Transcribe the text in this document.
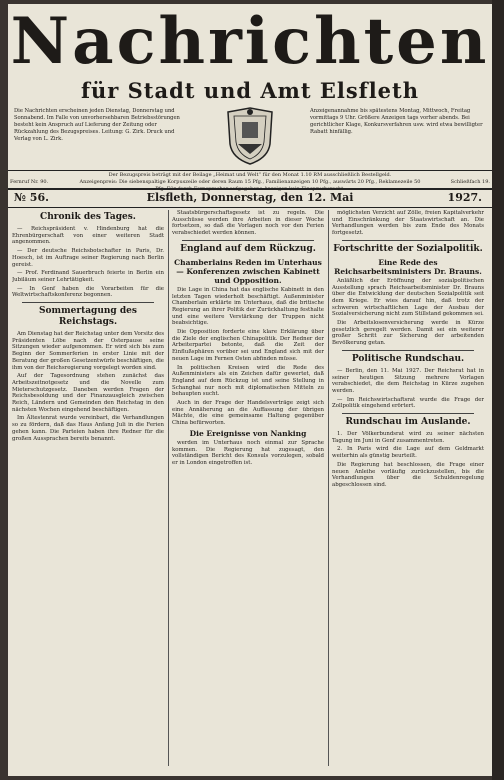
Nachrichten
für Stadt und Amt Elsfleth
Die Nachrichten erscheinen jeden Dienstag, Donnerstag und Sonnabend. Im Falle von unvorhersehbaren Betriebsstörungen besteht kein Anspruch auf Lieferung der Zeitung oder Rückzahlung des Bezugspreises. Leitung: G. Zirk. Druck und Verlag von L. Zirk.
Anzeigenannahme bis spätestens Montag, Mittwoch, Freitag vormittags 9 Uhr. Größere Anzeigen tags vorher abends. Bei gerichtlicher Klage, Konkursverfahren usw. wird etwa bewilligter Rabatt hinfällig.
Der Bezugspreis beträgt mit der Beilage „Heimat und Welt“ für den Monat 1.10 RM ausschließlich Bestellgeld.
Fernruf Nr. 90.	Anzeigenpreis: Die siebenspaltige Korpuszeile oder deren Raum 15 Pfg., Familienanzeigen 10 Pfg., auswärts 20 Pfg., Reklamezeile 50 Pfg. Für durch Fernsprecher aufgegebene Anzeigen kein Einspruchsrecht.
Schließfach 19.
№ 56.	Elsfleth, Donnerstag, den 12. Mai	1927.
Chronik des Tages.

— Reichspräsident v. Hindenburg hat die Ehrenbürgerschaft von einer weiteren Stadt angenommen.

— Der deutsche Reichsbotschafter in Paris, Dr. Hoesch, ist im Auftrage seiner Regierung nach Berlin gereist.

— Prof. Ferdinand Sauerbruch feierte in Berlin ein Jubiläum seiner Lehrtätigkeit.

— In Genf haben die Vorarbeiten für die Weltwirtschaftskonferenz begonnen.

Sommertagung des Reichstags.

Am Dienstag hat der Reichstag unter dem Vorsitz des Präsidenten Löbe nach der Osterpause seine Sitzungen wieder aufgenommen. Er wird sich bis zum Beginn der Sommerferien in erster Linie mit der Beratung der großen Gesetzentwürfe beschäftigen, die ihm von der Reichsregierung vorgelegt worden sind.

Auf der Tagesordnung stehen zunächst das Arbeitszeitnotgesetz und die Novelle zum Mieterschutzgesetz. Daneben werden Fragen der Reichsbesoldung und der Finanzausgleich zwischen Reich, Ländern und Gemeinden den Reichstag in den nächsten Wochen eingehend beschäftigen.

Im Ältestenrat wurde vereinbart, die Verhandlungen so zu fördern, daß das Haus Anfang Juli in die Ferien gehen kann. Die Parteien haben ihre Redner für die großen Aussprachen bereits benannt.

Staatsbürgerschaftsgesetz ist zu regeln. Die Ausschüsse werden ihre Arbeiten in dieser Woche fortsetzen, so daß die Vorlagen noch vor den Ferien verabschiedet werden können.

England auf dem Rückzug.
Chamberlains Reden im Unterhaus — Konferenzen zwischen Kabinett und Opposition.

Die Lage in China hat das englische Kabinett in den letzten Tagen wiederholt beschäftigt. Außenminister Chamberlain erklärte im Unterhaus, daß die britische Regierung an ihrer Politik der Zurückhaltung festhalte und eine weitere Verstärkung der Truppen nicht beabsichtige.

Die Opposition forderte eine klare Erklärung über die Ziele der englischen Chinapolitik. Der Redner der Arbeiterpartei betonte, daß die Zeit der Einflußsphären vorüber sei und England sich mit der neuen Lage im Fernen Osten abfinden müsse.

In politischen Kreisen wird die Rede des Außenministers als ein Zeichen dafür gewertet, daß England auf dem Rückzug ist und seine Stellung in Schanghai nur noch mit diplomatischen Mitteln zu behaupten sucht.

Auch in der Frage der Handelsverträge zeigt sich eine Annäherung an die Auffassung der übrigen Mächte, die eine gemeinsame Haltung gegenüber China befürworten.

Die Ereignisse von Nanking

werden im Unterhaus noch einmal zur Sprache kommen. Die Regierung hat zugesagt, den vollständigen Bericht des Konsuls vorzulegen, sobald er in London eingetroffen ist.

möglichsten Verzicht auf Zölle, freien Kapitalverkehr und Einschränkung der Staatswirtschaft an. Die Verhandlungen werden bis zum Ende des Monats fortgesetzt.

Fortschritte der Sozialpolitik.
Eine Rede des Reichsarbeitsministers Dr. Brauns.

Anläßlich der Eröffnung der sozialpolitischen Ausstellung sprach Reichsarbeitsminister Dr. Brauns über die Entwicklung der deutschen Sozialpolitik seit dem Kriege. Er wies darauf hin, daß trotz der schweren wirtschaftlichen Lage der Ausbau der Sozialversicherung nicht zum Stillstand gekommen sei.

Die Arbeitslosenversicherung werde in Kürze gesetzlich geregelt werden. Damit sei ein weiterer großer Schritt zur Sicherung der arbeitenden Bevölkerung getan.

Politische Rundschau.

— Berlin, den 11. Mai 1927. Der Reichsrat hat in seiner heutigen Sitzung mehrere Vorlagen verabschiedet, die dem Reichstag in Kürze zugehen werden.

— Im Reichswirtschaftsrat wurde die Frage der Zollpolitik eingehend erörtert.

Rundschau im Auslande.

1. Der Völkerbundsrat wird zu seiner nächsten Tagung im Juni in Genf zusammentreten.

2. In Paris wird die Lage auf dem Geldmarkt weiterhin als günstig beurteilt.

Die Regierung hat beschlossen, die Frage einer neuen Anleihe vorläufig zurückzustellen, bis die Verhandlungen über die Schuldenregelung abgeschlossen sind.
